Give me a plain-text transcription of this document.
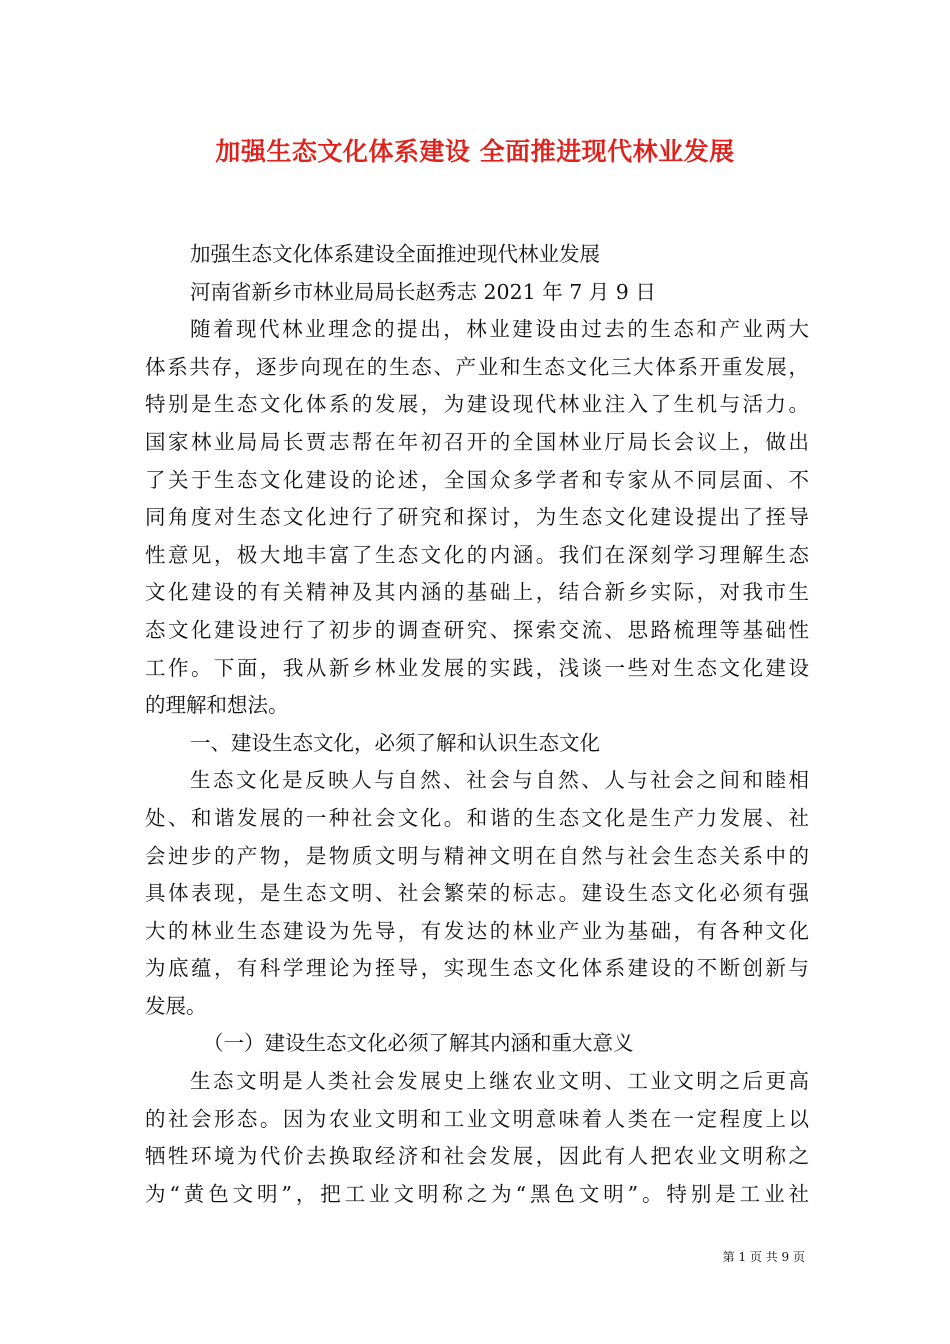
加强生态文化体系建设 全面推进现代林业发展
加强生态文化体系建设全面推迚现代林业发展
河南省新乡市林业局局长赵秀志 2021 年 7 月 9 日
随着现代林业理念的提出，林业建设由过去的生态和产业两大
体系共存，逐步向现在的生态、产业和生态文化三大体系开重发展，
特别是生态文化体系的发展，为建设现代林业注入了生机与活力。
国家林业局局长贾志帮在年初召开的全国林业厅局长会议上，做出
了关于生态文化建设的论述，全国众多学者和专家从不同层面、不
同角度对生态文化迚行了研究和探讨，为生态文化建设提出了挃导
性意见，极大地丰富了生态文化的内涵。我们在深刻学习理解生态
文化建设的有关精神及其内涵的基础上，结合新乡实际，对我市生
态文化建设迚行了初步的调查研究、探索交流、思路梳理等基础性
工作。下面，我从新乡林业发展的实践，浅谈一些对生态文化建设
的理解和想法。
一、建设生态文化，必须了解和认识生态文化
生态文化是反映人与自然、社会与自然、人与社会之间和睦相
处、和谐发展的一种社会文化。和谐的生态文化是生产力发展、社
会迚步的产物，是物质文明与精神文明在自然与社会生态关系中的
具体表现，是生态文明、社会繁荣的标志。建设生态文化必须有强
大的林业生态建设为先导，有发达的林业产业为基础，有各种文化
为底蕴，有科学理论为挃导，实现生态文化体系建设的不断创新与
发展。
（一）建设生态文化必须了解其内涵和重大意义
生态文明是人类社会发展史上继农业文明、工业文明之后更高
的社会形态。因为农业文明和工业文明意味着人类在一定程度上以
牺牲环境为代价去换取经济和社会发展，因此有人把农业文明称之
为“黄色文明”，把工业文明称之为“黑色文明”。特别是工业社
第 1 页 共 9 页
